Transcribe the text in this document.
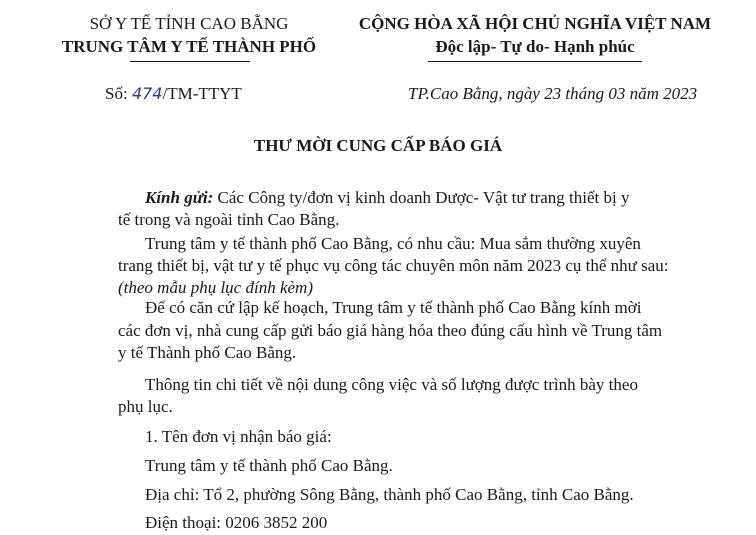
SỞ Y TẾ TỈNH CAO BẰNG
TRUNG TÂM Y TẾ THÀNH PHỐ
CỘNG HÒA XÃ HỘI CHỦ NGHĨA VIỆT NAM
Độc lập- Tự do- Hạnh phúc
Số: 474/TM-TTYT	TP.Cao Bằng, ngày 23 tháng 03 năm 2023
THƯ MỜI CUNG CẤP BÁO GIÁ
Kính gửi: Các Công ty/đơn vị kinh doanh Dược- Vật tư trang thiết bị y
tế trong và ngoài tỉnh Cao Bằng.
Trung tâm y tế thành phố Cao Bằng, có nhu cầu: Mua sắm thường xuyên
trang thiết bị, vật tư y tế phục vụ công tác chuyên môn năm 2023 cụ thể như sau:
(theo mẫu phụ lục đính kèm)
Để có căn cứ lập kế hoạch, Trung tâm y tế thành phố Cao Bằng kính mời
các đơn vị, nhà cung cấp gửi báo giá hàng hóa theo đúng cấu hình về Trung tâm
y tế Thành phố Cao Bằng.
Thông tin chi tiết về nội dung công việc và số lượng được trình bày theo
phụ lục.
1. Tên đơn vị nhận báo giá:
Trung tâm y tế thành phố Cao Bằng.
Địa chỉ: Tổ 2, phường Sông Bằng, thành phố Cao Bằng, tỉnh Cao Bằng.
Điện thoại: 0206 3852 200
